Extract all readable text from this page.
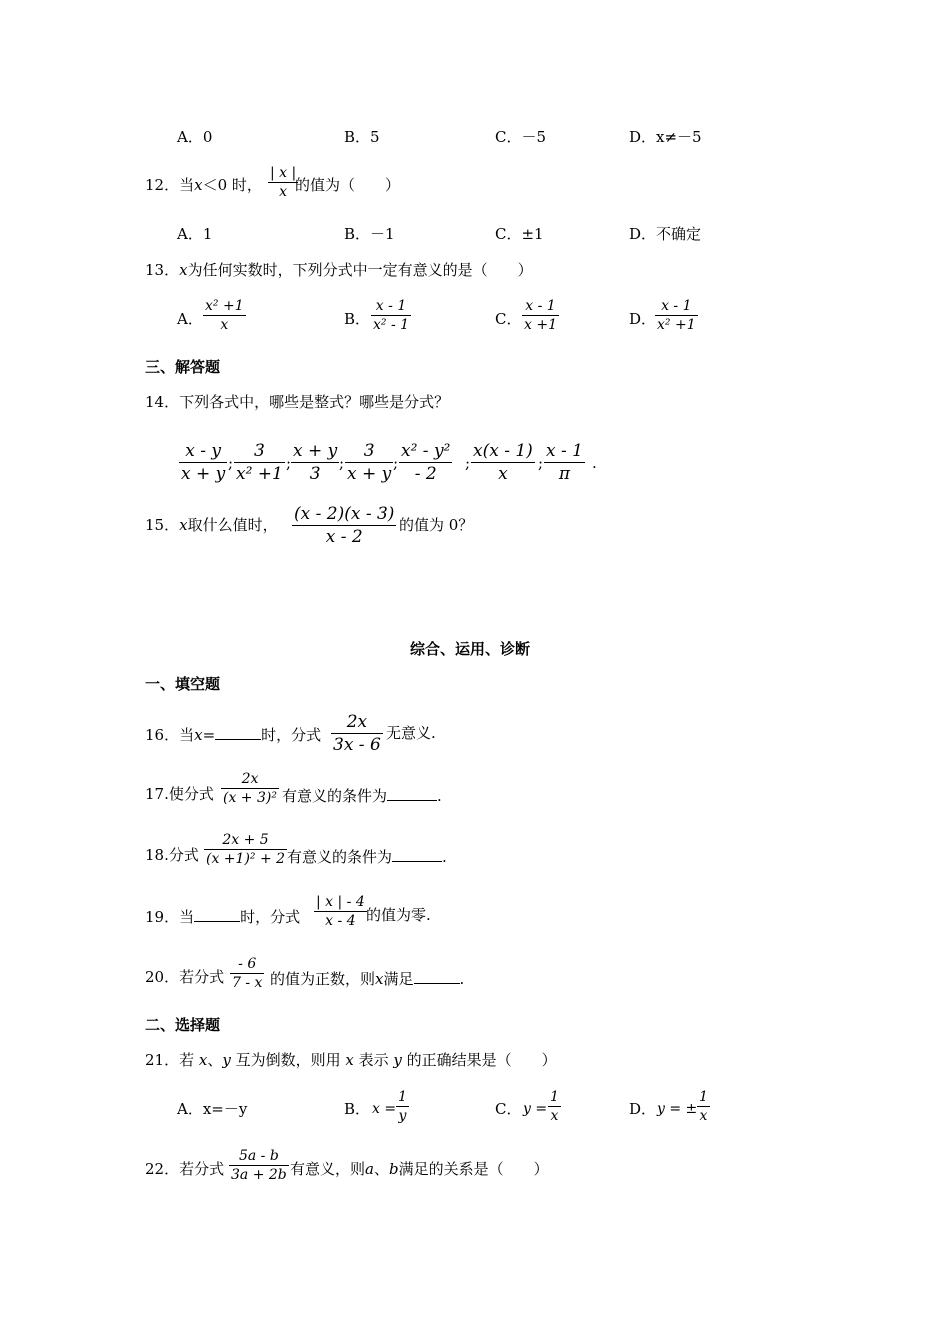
A．0	B．5	C．－5	D．x≠－5
12．当x＜0 时，
| x |
x 的值为（　　）
A．1	B．－1	C．±1	D．不确定
13．x为任何实数时，下列分式中一定有意义的是（　　）
A．
x² +1
x	B．
x - 1
x² - 1	C．
x - 1
x +1	D．
x - 1
x² +1
三、解答题
14．下列各式中，哪些是整式？哪些是分式？
x - y
x + y
;
3
x² +1
;
x + y
3
;
3
x + y
;
x² - y²
- 2
;
x(x - 1)
x
;
x - 1
π
.
15．x取什么值时，
(x - 2)(x - 3)
x - 2
的值为 0？
综合、运用、诊断
一、填空题
16．当x=	时，分式
2x
3x - 6
无意义.
17.使分式
2x
(x + 3)² 有意义的条件为	.
18.分式
2x + 5
(x +1)² + 2 有意义的条件为	.
19．当	时，分式
| x | - 4
x - 4 的值为零.
20．若分式
- 6
7 - x 的值为正数，则x满足	.
二、选择题
21．若 x、y 互为倒数，则用 x 表示 y 的正确结果是（　　）
A．x=－y	B． x =
1
y	C． y =
1
x	D． y = ±
1
x
22．若分式
5a - b
3a + 2b 有意义，则a、b满足的关系是（　　）
